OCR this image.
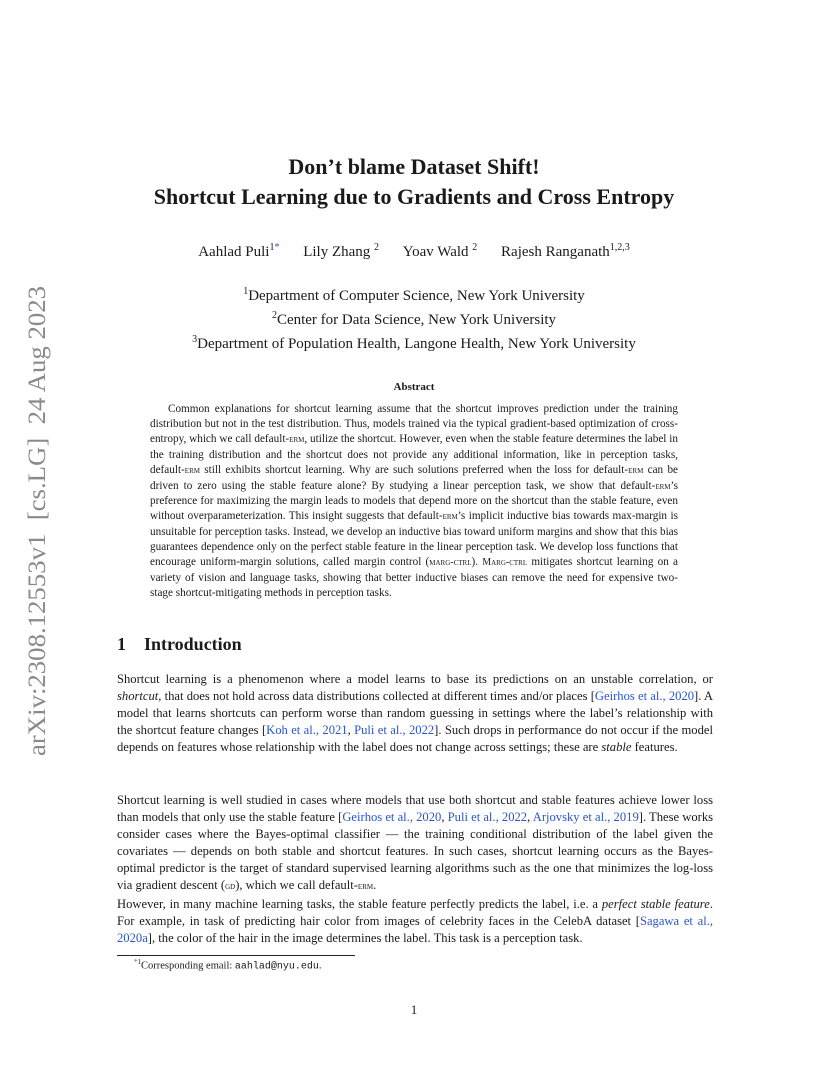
arXiv:2308.12553v1  [cs.LG]  24 Aug 2023
Don’t blame Dataset Shift!
Shortcut Learning due to Gradients and Cross Entropy
Aahlad Puli$^{1*}$ Lily Zhang $^2$ Yoav Wald $^2$ Rajesh Ranganath$^{1,2,3}$
$^1$Department of Computer Science, New York University
$^2$Center for Data Science, New York University
$^3$Department of Population Health, Langone Health, New York University
Abstract
Common explanations for shortcut learning assume that the shortcut improves prediction under the training distribution but not in the test distribution. Thus, models trained via the typical gradient-based optimization of cross-entropy, which we call default-erm, utilize the shortcut. However, even when the stable feature determines the label in the training distribution and the shortcut does not provide any additional information, like in perception tasks, default-erm still exhibits shortcut learning. Why are such solutions preferred when the loss for default-erm can be driven to zero using the stable feature alone? By studying a linear perception task, we show that default-erm’s preference for maximizing the margin leads to models that depend more on the shortcut than the stable feature, even without overparameterization. This insight suggests that default-erm’s implicit inductive bias towards max-margin is unsuitable for perception tasks. Instead, we develop an inductive bias toward uniform margins and show that this bias guarantees dependence only on the perfect stable feature in the linear perception task. We develop loss functions that encourage uniform-margin solutions, called margin control (marg-ctrl). Marg-ctrl mitigates shortcut learning on a variety of vision and language tasks, showing that better inductive biases can remove the need for expensive two-stage shortcut-mitigating methods in perception tasks.
1 Introduction
Shortcut learning is a phenomenon where a model learns to base its predictions on an unstable correlation, or shortcut, that does not hold across data distributions collected at different times and/or places [Geirhos et al., 2020]. A model that learns shortcuts can perform worse than random guessing in settings where the label’s relationship with the shortcut feature changes [Koh et al., 2021, Puli et al., 2022]. Such drops in performance do not occur if the model depends on features whose relationship with the label does not change across settings; these are stable features.
Shortcut learning is well studied in cases where models that use both shortcut and stable features achieve lower loss than models that only use the stable feature [Geirhos et al., 2020, Puli et al., 2022, Arjovsky et al., 2019]. These works consider cases where the Bayes-optimal classifier — the training conditional distribution of the label given the covariates — depends on both stable and shortcut features. In such cases, shortcut learning occurs as the Bayes-optimal predictor is the target of standard supervised learning algorithms such as the one that minimizes the log-loss via gradient descent (gd), which we call default-erm.
However, in many machine learning tasks, the stable feature perfectly predicts the label, i.e. a perfect stable feature. For example, in task of predicting hair color from images of celebrity faces in the CelebA dataset [Sagawa et al., 2020a], the color of the hair in the image determines the label. This task is a perception task.
$^{*1}$Corresponding email: aahlad@nyu.edu.
1
